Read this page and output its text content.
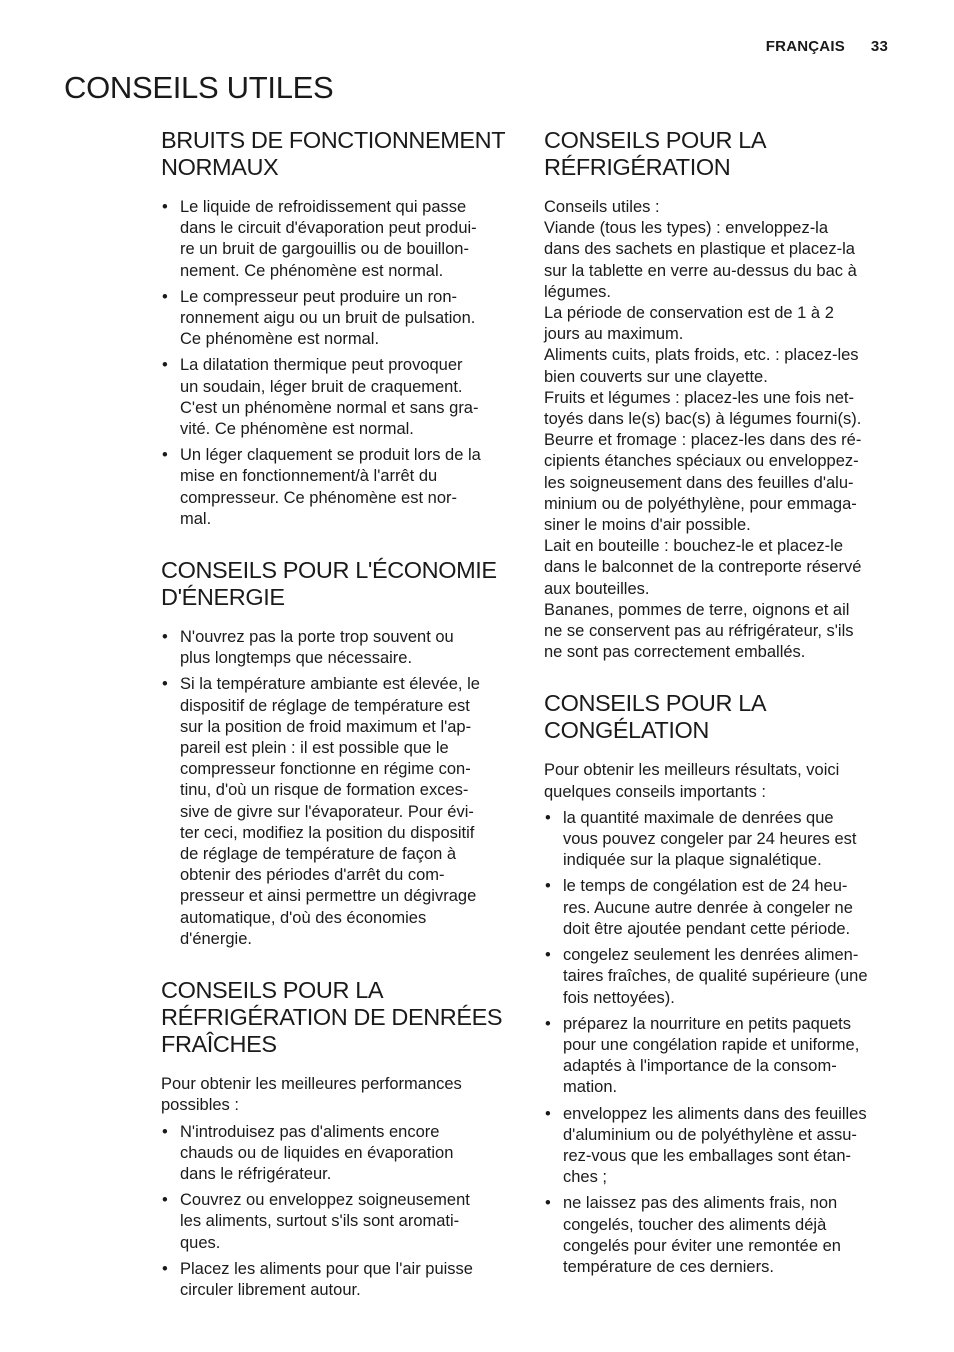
FRANÇAIS 33
CONSEILS UTILES
BRUITS DE FONCTIONNEMENT
NORMAUX
• Le liquide de refroidissement qui passe
dans le circuit d'évaporation peut produi-
re un bruit de gargouillis ou de bouillon-
nement. Ce phénomène est normal.
• Le compresseur peut produire un ron-
ronnement aigu ou un bruit de pulsation.
Ce phénomène est normal.
• La dilatation thermique peut provoquer
un soudain, léger bruit de craquement.
C'est un phénomène normal et sans gra-
vité. Ce phénomène est normal.
• Un léger claquement se produit lors de la
mise en fonctionnement/à l'arrêt du
compresseur. Ce phénomène est nor-
mal.
CONSEILS POUR L'ÉCONOMIE
D'ÉNERGIE
• N'ouvrez pas la porte trop souvent ou
plus longtemps que nécessaire.
• Si la température ambiante est élevée, le
dispositif de réglage de température est
sur la position de froid maximum et l'ap-
pareil est plein : il est possible que le
compresseur fonctionne en régime con-
tinu, d'où un risque de formation exces-
sive de givre sur l'évaporateur. Pour évi-
ter ceci, modifiez la position du dispositif
de réglage de température de façon à
obtenir des périodes d'arrêt du com-
presseur et ainsi permettre un dégivrage
automatique, d'où des économies
d'énergie.
CONSEILS POUR LA
RÉFRIGÉRATION DE DENRÉES
FRAÎCHES

Pour obtenir les meilleures performances
possibles :

• N'introduisez pas d'aliments encore
chauds ou de liquides en évaporation
dans le réfrigérateur.
• Couvrez ou enveloppez soigneusement
les aliments, surtout s'ils sont aromati-
ques.
• Placez les aliments pour que l'air puisse
circuler librement autour.
CONSEILS POUR LA
RÉFRIGÉRATION

Conseils utiles :
Viande (tous les types) : enveloppez-la
dans des sachets en plastique et placez-la
sur la tablette en verre au-dessus du bac à
légumes.
La période de conservation est de 1 à 2
jours au maximum.
Aliments cuits, plats froids, etc. : placez-les
bien couverts sur une clayette.
Fruits et légumes : placez-les une fois net-
toyés dans le(s) bac(s) à légumes fourni(s).
Beurre et fromage : placez-les dans des ré-
cipients étanches spéciaux ou enveloppez-
les soigneusement dans des feuilles d'alu-
minium ou de polyéthylène, pour emmaga-
siner le moins d'air possible.
Lait en bouteille : bouchez-le et placez-le
dans le balconnet de la contreporte réservé
aux bouteilles.
Bananes, pommes de terre, oignons et ail
ne se conservent pas au réfrigérateur, s'ils
ne sont pas correctement emballés.

CONSEILS POUR LA
CONGÉLATION

Pour obtenir les meilleurs résultats, voici
quelques conseils importants :

• la quantité maximale de denrées que
vous pouvez congeler par 24 heures est
indiquée sur la plaque signalétique.
• le temps de congélation est de 24 heu-
res. Aucune autre denrée à congeler ne
doit être ajoutée pendant cette période.
• congelez seulement les denrées alimen-
taires fraîches, de qualité supérieure (une
fois nettoyées).
• préparez la nourriture en petits paquets
pour une congélation rapide et uniforme,
adaptés à l'importance de la consom-
mation.
• enveloppez les aliments dans des feuilles
d'aluminium ou de polyéthylène et assu-
rez-vous que les emballages sont étan-
ches ;
• ne laissez pas des aliments frais, non
congelés, toucher des aliments déjà
congelés pour éviter une remontée en
température de ces derniers.
